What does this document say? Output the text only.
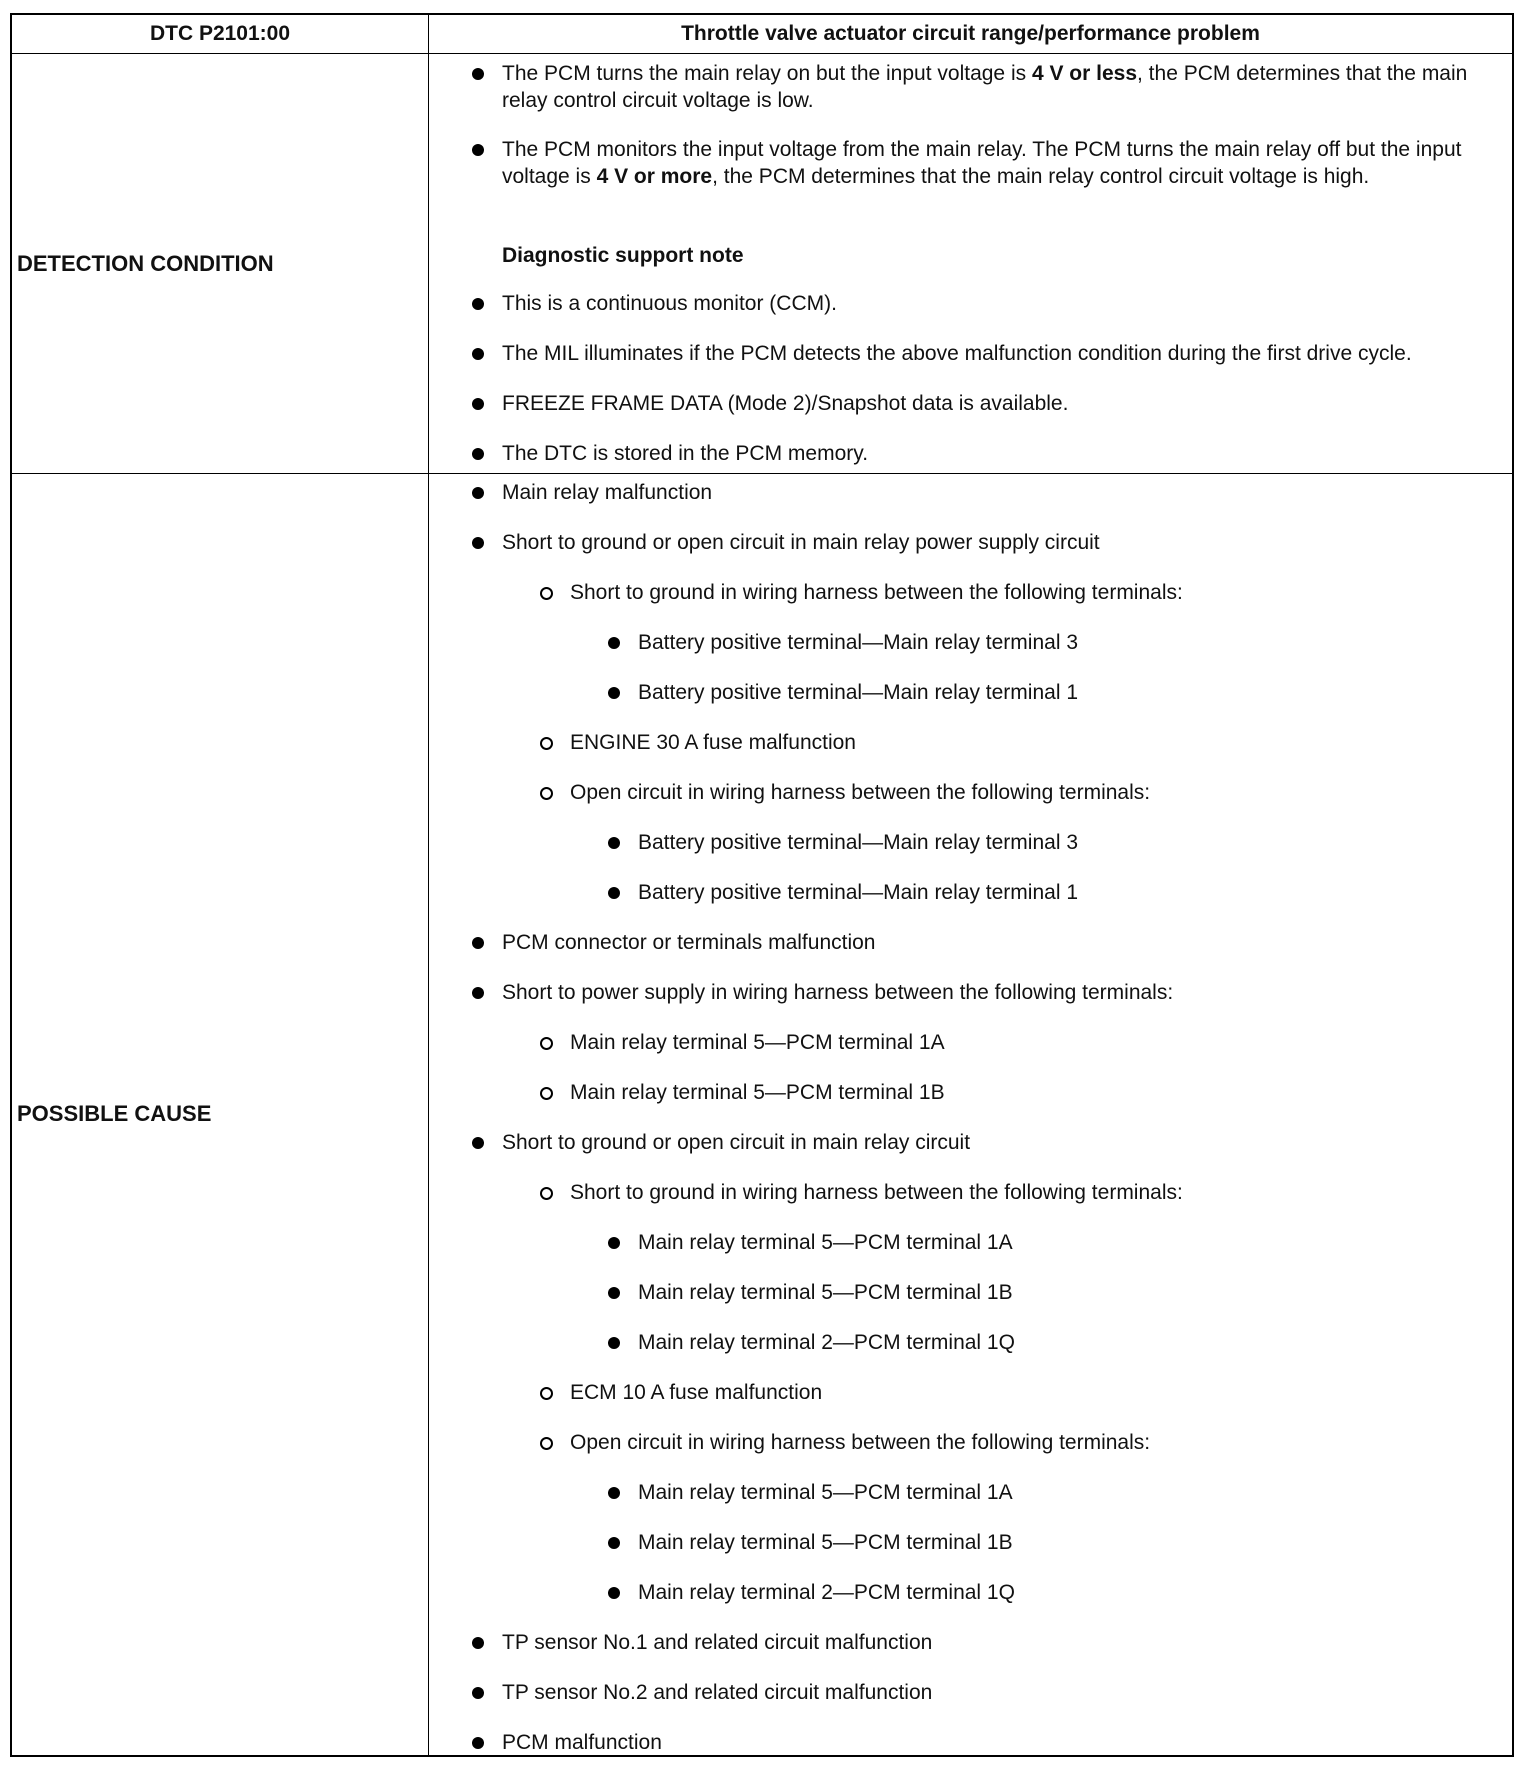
DTC P2101:00	Throttle valve actuator circuit range/performance problem
DETECTION CONDITION
The PCM turns the main relay on but the input voltage is 4 V or less, the PCM determines that the main relay control circuit voltage is low.
The PCM monitors the input voltage from the main relay. The PCM turns the main relay off but the input voltage is 4 V or more, the PCM determines that the main relay control circuit voltage is high.
Diagnostic support note
This is a continuous monitor (CCM).
The MIL illuminates if the PCM detects the above malfunction condition during the first drive cycle.
FREEZE FRAME DATA (Mode 2)/Snapshot data is available.
The DTC is stored in the PCM memory.
POSSIBLE CAUSE
Main relay malfunction
Short to ground or open circuit in main relay power supply circuit
Short to ground in wiring harness between the following terminals:
Battery positive terminal—Main relay terminal 3
Battery positive terminal—Main relay terminal 1
ENGINE 30 A fuse malfunction
Open circuit in wiring harness between the following terminals:
Battery positive terminal—Main relay terminal 3
Battery positive terminal—Main relay terminal 1
PCM connector or terminals malfunction
Short to power supply in wiring harness between the following terminals:
Main relay terminal 5—PCM terminal 1A
Main relay terminal 5—PCM terminal 1B
Short to ground or open circuit in main relay circuit
Short to ground in wiring harness between the following terminals:
Main relay terminal 5—PCM terminal 1A
Main relay terminal 5—PCM terminal 1B
Main relay terminal 2—PCM terminal 1Q
ECM 10 A fuse malfunction
Open circuit in wiring harness between the following terminals:
Main relay terminal 5—PCM terminal 1A
Main relay terminal 5—PCM terminal 1B
Main relay terminal 2—PCM terminal 1Q
TP sensor No.1 and related circuit malfunction
TP sensor No.2 and related circuit malfunction
PCM malfunction
